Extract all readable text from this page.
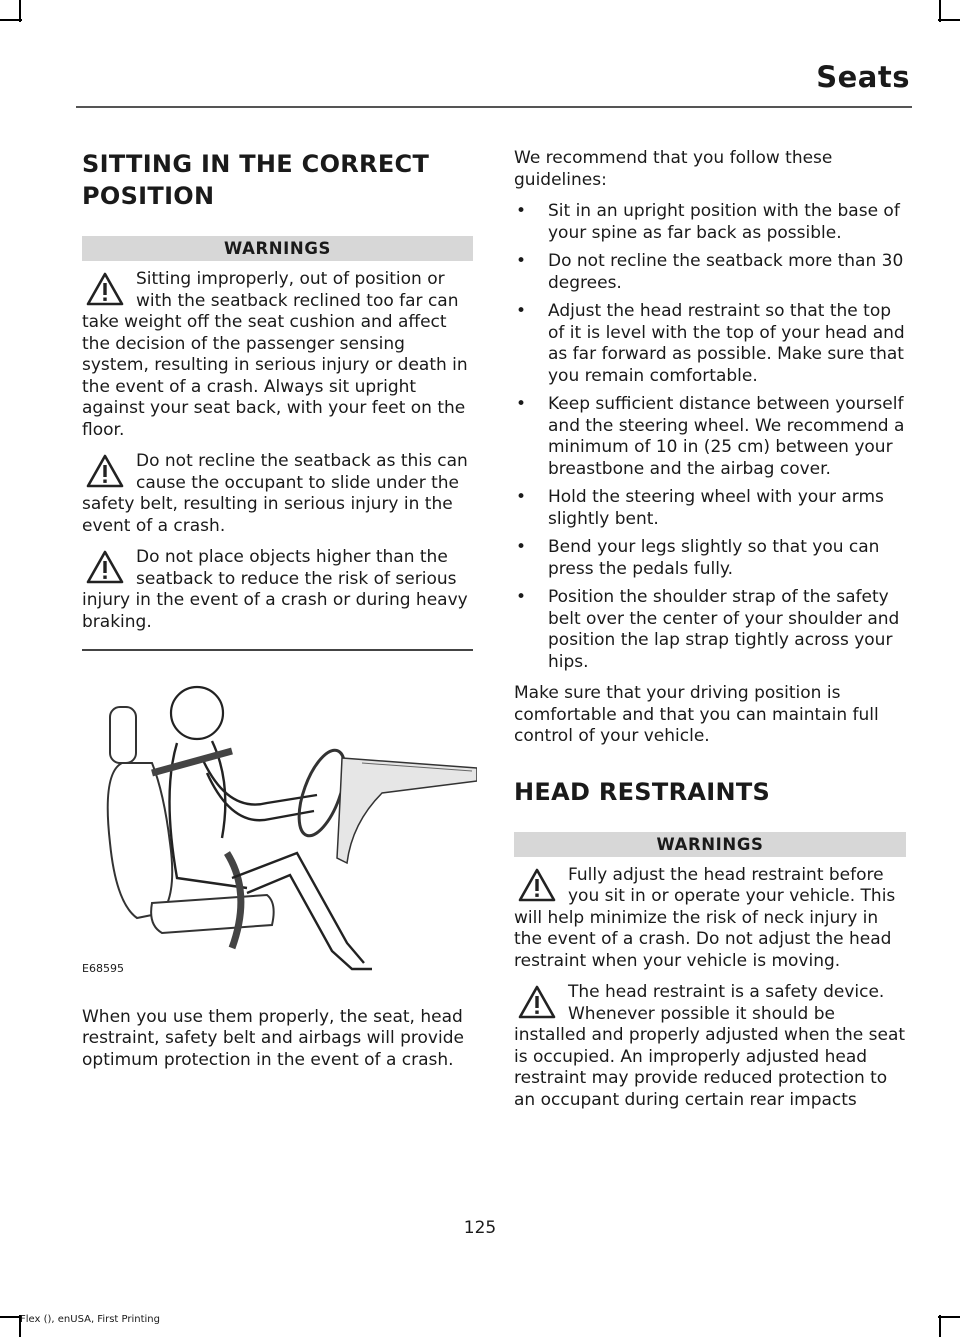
Seats
SITTING IN THE CORRECT POSITION
WARNINGS
Sitting improperly, out of position or with the seatback reclined too far can take weight off the seat cushion and affect the decision of the passenger sensing system, resulting in serious injury or death in the event of a crash. Always sit upright against your seat back, with your feet on the floor.
Do not recline the seatback as this can cause the occupant to slide under the safety belt, resulting in serious injury in the event of a crash.
Do not place objects higher than the seatback to reduce the risk of serious injury in the event of a crash or during heavy braking.
E68595

When you use them properly, the seat, head restraint, safety belt and airbags will provide optimum protection in the event of a crash.

We recommend that you follow these guidelines:

• Sit in an upright position with the base of your spine as far back as possible.
• Do not recline the seatback more than 30 degrees.
• Adjust the head restraint so that the top of it is level with the top of your head and as far forward as possible. Make sure that you remain comfortable.
• Keep sufficient distance between yourself and the steering wheel. We recommend a minimum of 10 in (25 cm) between your breastbone and the airbag cover.
• Hold the steering wheel with your arms slightly bent.
• Bend your legs slightly so that you can press the pedals fully.
• Position the shoulder strap of the safety belt over the center of your shoulder and position the lap strap tightly across your hips.

Make sure that your driving position is comfortable and that you can maintain full control of your vehicle.

HEAD RESTRAINTS
WARNINGS
Fully adjust the head restraint before you sit in or operate your vehicle. This will help minimize the risk of neck injury in the event of a crash. Do not adjust the head restraint when your vehicle is moving.
The head restraint is a safety device. Whenever possible it should be installed and properly adjusted when the seat is occupied. An improperly adjusted head restraint may provide reduced protection to an occupant during certain rear impacts
125
Flex (), enUSA, First Printing
